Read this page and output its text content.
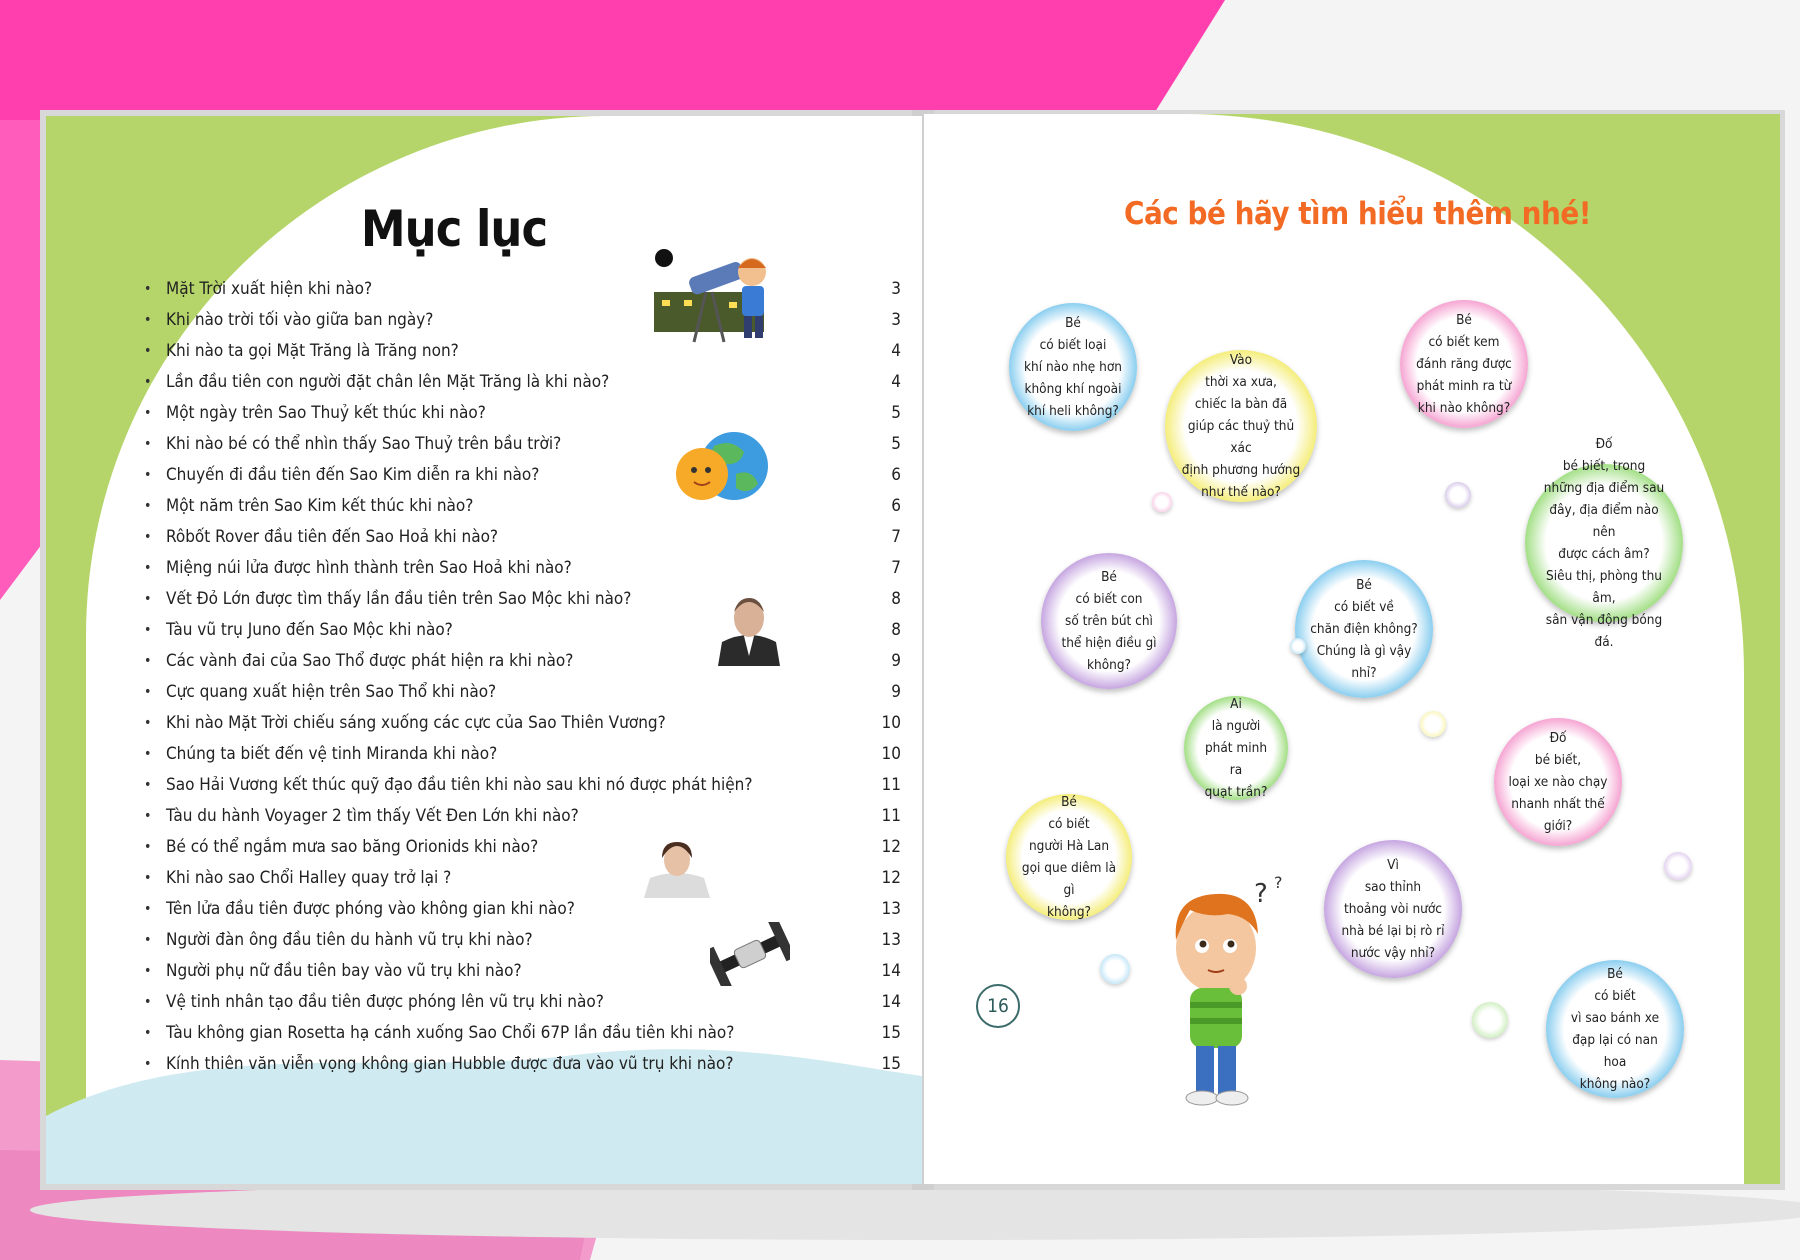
Mục lục
• Mặt Trời xuất hiện khi nào?	3
• Khi nào trời tối vào giữa ban ngày?	3
• Khi nào ta gọi Mặt Trăng là Trăng non?	4
• Lần đầu tiên con người đặt chân lên Mặt Trăng là khi nào?	4
• Một ngày trên Sao Thuỷ kết thúc khi nào?	5
• Khi nào bé có thể nhìn thấy Sao Thuỷ trên bầu trời?	5
• Chuyến đi đầu tiên đến Sao Kim diễn ra khi nào?	6
• Một năm trên Sao Kim kết thúc khi nào?	6
• Rôbốt Rover đầu tiên đến Sao Hoả khi nào?	7
• Miệng núi lửa được hình thành trên Sao Hoả khi nào?	7
• Vết Đỏ Lớn được tìm thấy lần đầu tiên trên Sao Mộc khi nào?	8
• Tàu vũ trụ Juno đến Sao Mộc khi nào?	8
• Các vành đai của Sao Thổ được phát hiện ra khi nào?	9
• Cực quang xuất hiện trên Sao Thổ khi nào?	9
• Khi nào Mặt Trời chiếu sáng xuống các cực của Sao Thiên Vương?	10
• Chúng ta biết đến vệ tinh Miranda khi nào?	10
• Sao Hải Vương kết thúc quỹ đạo đầu tiên khi nào sau khi nó được phát hiện?	11
• Tàu du hành Voyager 2 tìm thấy Vết Đen Lớn khi nào?	11
• Bé có thể ngắm mưa sao băng Orionids khi nào?	12
• Khi nào sao Chổi Halley quay trở lại ?	12
• Tên lửa đầu tiên được phóng vào không gian khi nào?	13
• Người đàn ông đầu tiên du hành vũ trụ khi nào?	13
• Người phụ nữ đầu tiên bay vào vũ trụ khi nào?	14
• Vệ tinh nhân tạo đầu tiên được phóng lên vũ trụ khi nào?	14
• Tàu không gian Rosetta hạ cánh xuống Sao Chổi 67P lần đầu tiên khi nào?	15
• Kính thiên văn viễn vọng không gian Hubble được đưa vào vũ trụ khi nào?	15
Các bé hãy tìm hiểu thêm nhé!
Bé
có biết loại
khí nào nhẹ hơn
không khí ngoài
khí heli không?
Vào
thời xa xưa,
chiếc la bàn đã
giúp các thuỷ thủ xác
định phương hướng
như thế nào?
Bé
có biết kem
đánh răng được
phát minh ra từ
khi nào không?
Đố
bé biết, trong
những địa điểm sau
đây, địa điểm nào nên
được cách âm?
Siêu thị, phòng thu âm,
sân vận động bóng
đá.
Bé
có biết con
số trên bút chì
thể hiện điều gì
không?
Bé
có biết về
chăn điện không?
Chúng là gì vậy
nhỉ?
Ai
là người
phát minh ra
quạt trần?
Đố
bé biết,
loại xe nào chạy
nhanh nhất thế
giới?
Bé
có biết
người Hà Lan
gọi que diêm là gì
không?
Vì
sao thỉnh
thoảng vòi nước
nhà bé lại bị rò rỉ
nước vậy nhỉ?
Bé
có biết
vì sao bánh xe
đạp lại có nan hoa
không nào?
? ?
16
